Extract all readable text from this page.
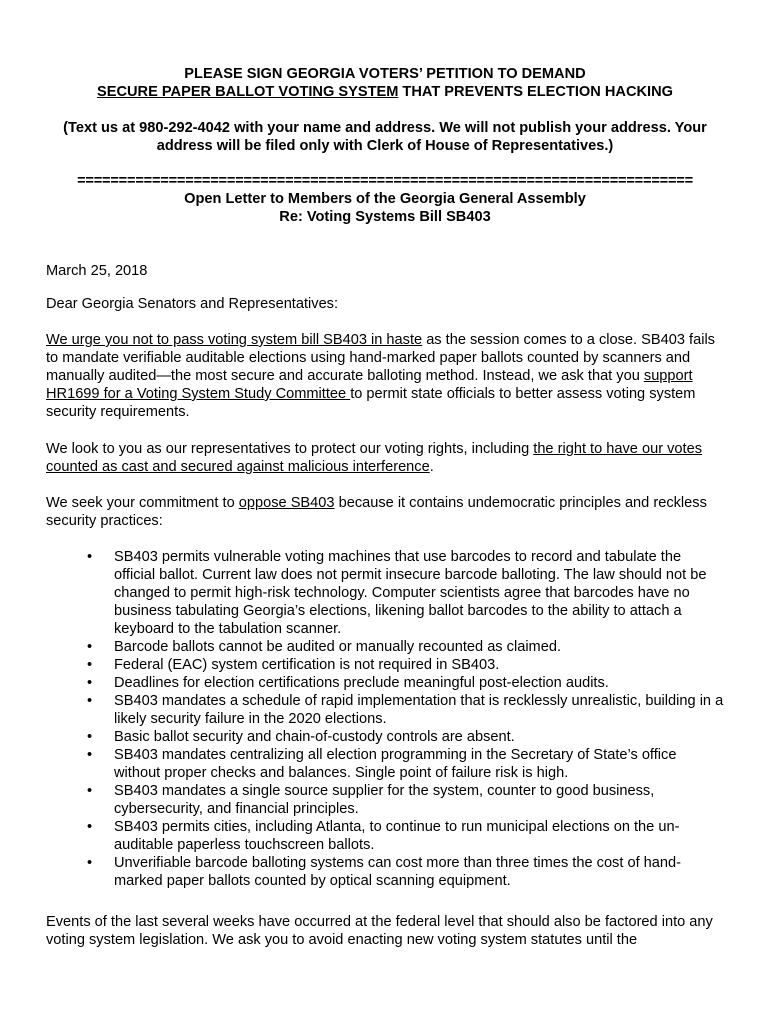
PLEASE SIGN GEORGIA VOTERS’ PETITION TO DEMAND
SECURE PAPER BALLOT VOTING SYSTEM THAT PREVENTS ELECTION HACKING
(Text us at 980-292-4042 with your name and address. We will not publish your address. Your
address will be filed only with Clerk of House of Representatives.)
==========================================================================
Open Letter to Members of the Georgia General Assembly
Re: Voting Systems Bill SB403
March 25, 2018
Dear Georgia Senators and Representatives:

We urge you not to pass voting system bill SB403 in haste as the session comes to a close. SB403 fails to mandate verifiable auditable elections using hand-marked paper ballots counted by scanners and manually audited—the most secure and accurate balloting method. Instead, we ask that you support HR1699 for a Voting System Study Committee to permit state officials to better assess voting system security requirements.

We look to you as our representatives to protect our voting rights, including the right to have our votes counted as cast and secured against malicious interference.

We seek your commitment to oppose SB403 because it contains undemocratic principles and reckless security practices:

• SB403 permits vulnerable voting machines that use barcodes to record and tabulate the official ballot. Current law does not permit insecure barcode balloting. The law should not be changed to permit high-risk technology. Computer scientists agree that barcodes have no business tabulating Georgia’s elections, likening ballot barcodes to the ability to attach a keyboard to the tabulation scanner.
• Barcode ballots cannot be audited or manually recounted as claimed.
• Federal (EAC) system certification is not required in SB403.
• Deadlines for election certifications preclude meaningful post-election audits.
• SB403 mandates a schedule of rapid implementation that is recklessly unrealistic, building in a likely security failure in the 2020 elections.
• Basic ballot security and chain-of-custody controls are absent.
• SB403 mandates centralizing all election programming in the Secretary of State’s office without proper checks and balances. Single point of failure risk is high.
• SB403 mandates a single source supplier for the system, counter to good business, cybersecurity, and financial principles.
• SB403 permits cities, including Atlanta, to continue to run municipal elections on the un-auditable paperless touchscreen ballots.
• Unverifiable barcode balloting systems can cost more than three times the cost of hand-marked paper ballots counted by optical scanning equipment.

Events of the last several weeks have occurred at the federal level that should also be factored into any voting system legislation. We ask you to avoid enacting new voting system statutes until the
